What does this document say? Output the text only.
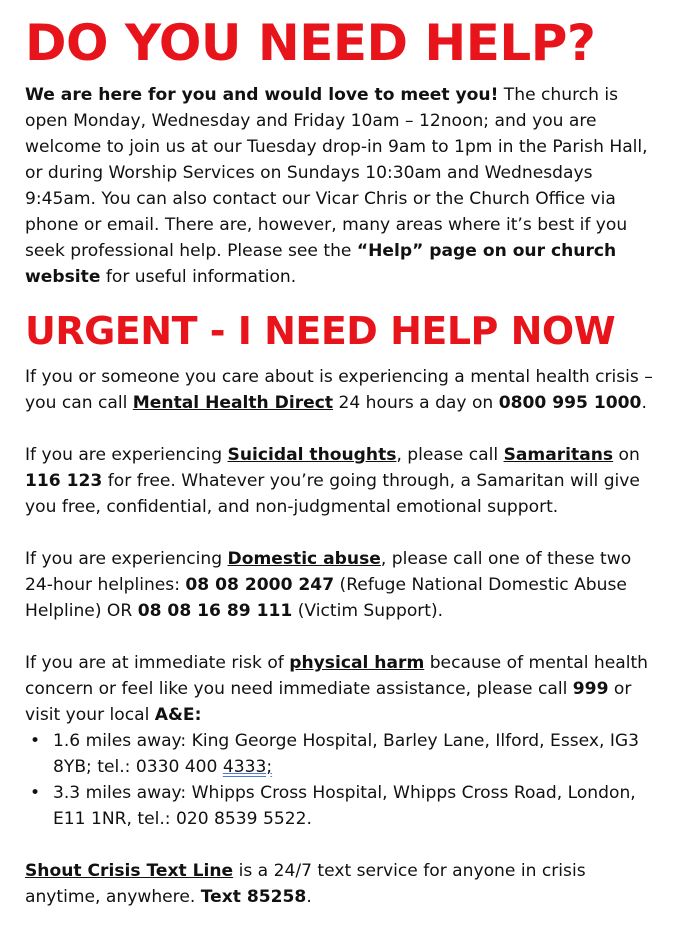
DO YOU NEED HELP?

We are here for you and would love to meet you! The church is open Monday, Wednesday and Friday 10am – 12noon; and you are welcome to join us at our Tuesday drop-in 9am to 1pm in the Parish Hall, or during Worship Services on Sundays 10:30am and Wednesdays 9:45am. You can also contact our Vicar Chris or the Church Office via phone or email. There are, however, many areas where it’s best if you seek professional help. Please see the “Help” page on our church website for useful information.

URGENT - I NEED HELP NOW

If you or someone you care about is experiencing a mental health crisis – you can call Mental Health Direct 24 hours a day on 0800 995 1000.

If you are experiencing Suicidal thoughts, please call Samaritans on 116 123 for free. Whatever you’re going through, a Samaritan will give you free, confidential, and non-judgmental emotional support.

If you are experiencing Domestic abuse, please call one of these two 24-hour helplines: 08 08 2000 247 (Refuge National Domestic Abuse Helpline) OR 08 08 16 89 111 (Victim Support).

If you are at immediate risk of physical harm because of mental health concern or feel like you need immediate assistance, please call 999 or visit your local A&E:

• 1.6 miles away: King George Hospital, Barley Lane, Ilford, Essex, IG3 8YB; tel.: 0330 400 4333;
• 3.3 miles away: Whipps Cross Hospital, Whipps Cross Road, London, E11 1NR, tel.: 020 8539 5522.

Shout Crisis Text Line is a 24/7 text service for anyone in crisis anytime, anywhere. Text 85258.
